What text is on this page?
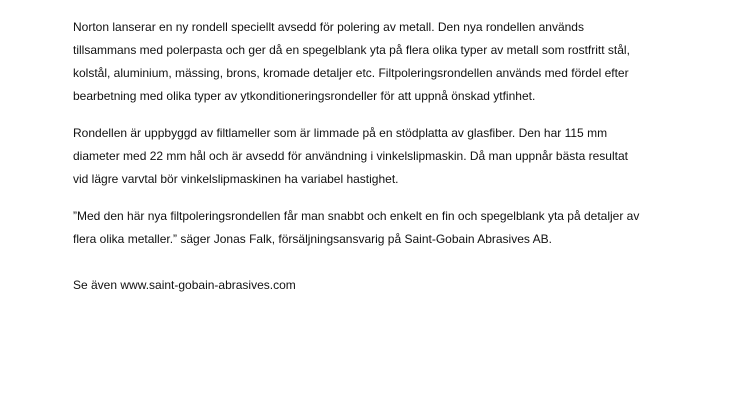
Norton lanserar en ny rondell speciellt avsedd för polering av metall. Den nya rondellen används
tillsammans med polerpasta och ger då en spegelblank yta på flera olika typer av metall som rostfritt stål,
kolstål, aluminium, mässing, brons, kromade detaljer etc. Filtpoleringsrondellen används med fördel efter
bearbetning med olika typer av ytkonditioneringsrondeller för att uppnå önskad ytfinhet.

Rondellen är uppbyggd av filtlameller som är limmade på en stödplatta av glasfiber. Den har 115 mm
diameter med 22 mm hål och är avsedd för användning i vinkelslipmaskin. Då man uppnår bästa resultat
vid lägre varvtal bör vinkelslipmaskinen ha variabel hastighet.

”Med den här nya filtpoleringsrondellen får man snabbt och enkelt en fin och spegelblank yta på detaljer av
flera olika metaller.” säger Jonas Falk, försäljningsansvarig på Saint-Gobain Abrasives AB.

Se även www.saint-gobain-abrasives.com
